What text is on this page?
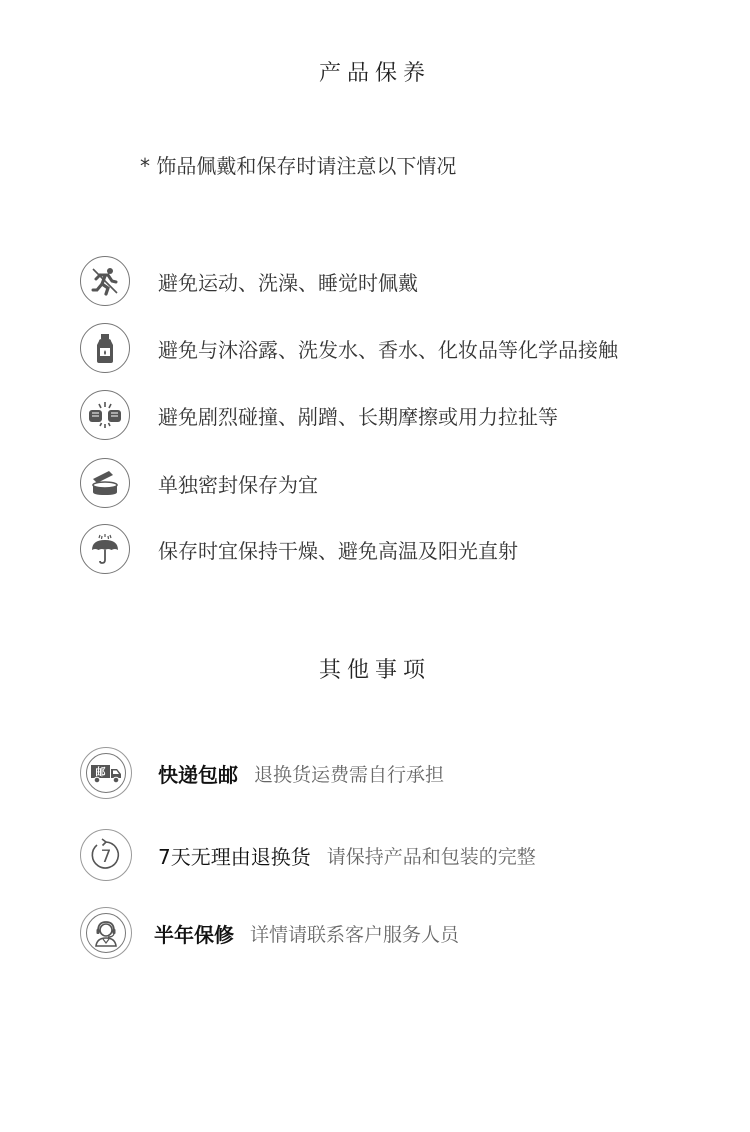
产品保养
* 饰品佩戴和保存时请注意以下情况
避免运动、洗澡、睡觉时佩戴
避免与沐浴露、洗发水、香水、化妆品等化学品接触
避免剧烈碰撞、剐蹭、长期摩擦或用力拉扯等
单独密封保存为宜
保存时宜保持干燥、避免高温及阳光直射
其他事项
邮	快递包邮 退换货运费需自行承担
7 7天无理由退换货 请保持产品和包装的完整
半年保修 详情请联系客户服务人员
